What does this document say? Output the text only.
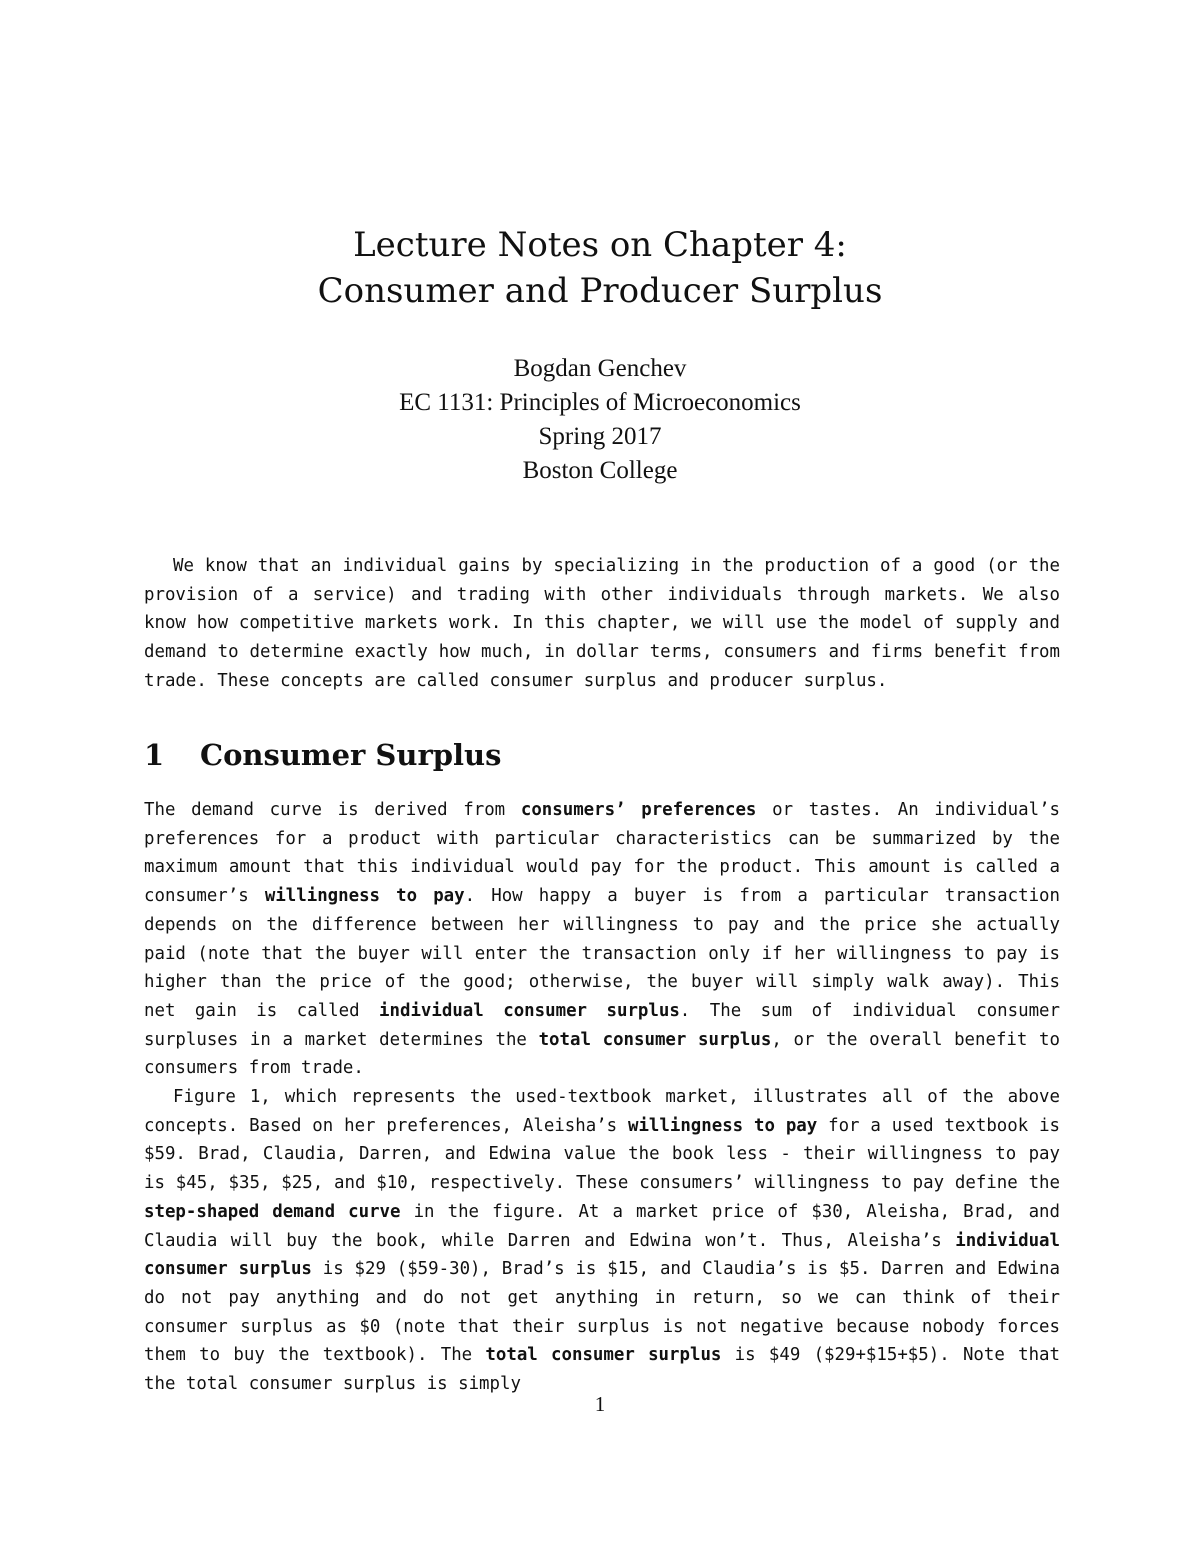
Lecture Notes on Chapter 4:
Consumer and Producer Surplus
Bogdan Genchev
EC 1131: Principles of Microeconomics
Spring 2017
Boston College
We know that an individual gains by specializing in the production of a good (or the provision of a service) and trading with other individuals through markets. We also know how competitive markets work. In this chapter, we will use the model of supply and demand to determine exactly how much, in dollar terms, consumers and firms benefit from trade. These concepts are called consumer surplus and producer surplus.
1 Consumer Surplus

The demand curve is derived from consumers’ preferences or tastes. An individual’s preferences for a product with particular characteristics can be summarized by the maximum amount that this individual would pay for the product. This amount is called a consumer’s willingness to pay. How happy a buyer is from a particular transaction depends on the difference between her willingness to pay and the price she actually paid (note that the buyer will enter the transaction only if her willingness to pay is higher than the price of the good; otherwise, the buyer will simply walk away). This net gain is called individual consumer surplus. The sum of individual consumer surpluses in a market determines the total consumer surplus, or the overall benefit to consumers from trade.

Figure 1, which represents the used-textbook market, illustrates all of the above concepts. Based on her preferences, Aleisha’s willingness to pay for a used textbook is $59. Brad, Claudia, Darren, and Edwina value the book less - their willingness to pay is $45, $35, $25, and $10, respectively. These consumers’ willingness to pay define the step-shaped demand curve in the figure. At a market price of $30, Aleisha, Brad, and Claudia will buy the book, while Darren and Edwina won’t. Thus, Aleisha’s individual consumer surplus is $29 ($59-30), Brad’s is $15, and Claudia’s is $5. Darren and Edwina do not pay anything and do not get anything in return, so we can think of their consumer surplus as $0 (note that their surplus is not negative because nobody forces them to buy the textbook). The total consumer surplus is $49 ($29+$15+$5). Note that the total consumer surplus is simply

1
